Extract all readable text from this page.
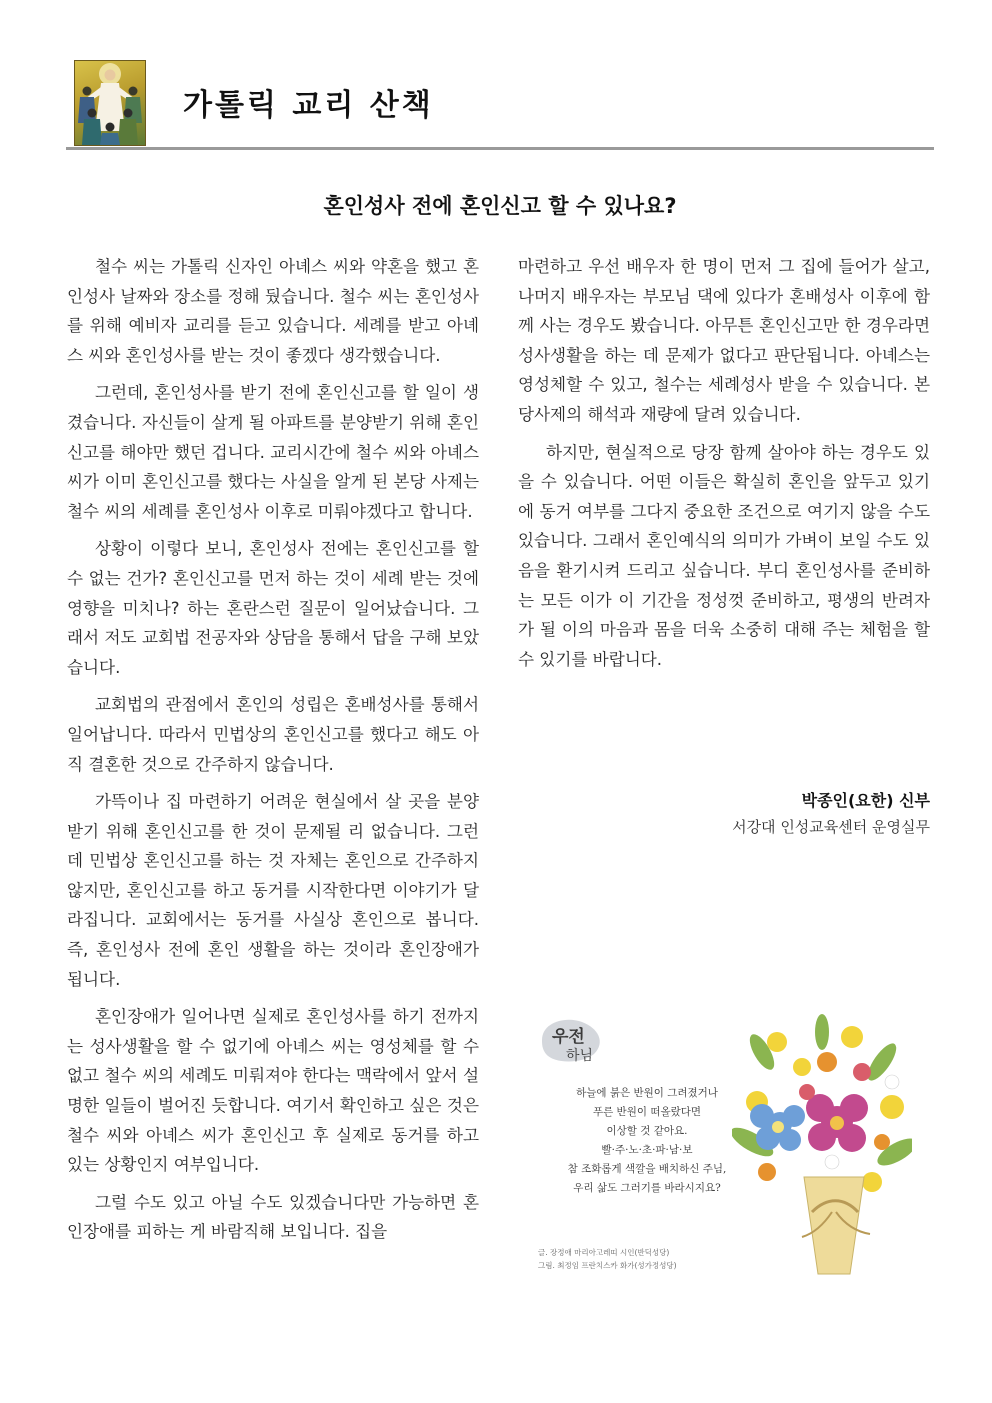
가톨릭 교리 산책
혼인성사 전에 혼인신고 할 수 있나요?

철수 씨는 가톨릭 신자인 아녜스 씨와 약혼을 했고 혼인성사 날짜와 장소를 정해 뒀습니다. 철수 씨는 혼인성사를 위해 예비자 교리를 듣고 있습니다. 세례를 받고 아녜스 씨와 혼인성사를 받는 것이 좋겠다 생각했습니다.

그런데, 혼인성사를 받기 전에 혼인신고를 할 일이 생겼습니다. 자신들이 살게 될 아파트를 분양받기 위해 혼인신고를 해야만 했던 겁니다. 교리시간에 철수 씨와 아녜스 씨가 이미 혼인신고를 했다는 사실을 알게 된 본당 사제는 철수 씨의 세례를 혼인성사 이후로 미뤄야겠다고 합니다.

상황이 이렇다 보니, 혼인성사 전에는 혼인신고를 할 수 없는 건가? 혼인신고를 먼저 하는 것이 세례 받는 것에 영향을 미치나? 하는 혼란스런 질문이 일어났습니다. 그래서 저도 교회법 전공자와 상담을 통해서 답을 구해 보았습니다.

교회법의 관점에서 혼인의 성립은 혼배성사를 통해서 일어납니다. 따라서 민법상의 혼인신고를 했다고 해도 아직 결혼한 것으로 간주하지 않습니다.

가뜩이나 집 마련하기 어려운 현실에서 살 곳을 분양 받기 위해 혼인신고를 한 것이 문제될 리 없습니다. 그런데 민법상 혼인신고를 하는 것 자체는 혼인으로 간주하지 않지만, 혼인신고를 하고 동거를 시작한다면 이야기가 달라집니다. 교회에서는 동거를 사실상 혼인으로 봅니다. 즉, 혼인성사 전에 혼인 생활을 하는 것이라 혼인장애가 됩니다.

혼인장애가 일어나면 실제로 혼인성사를 하기 전까지는 성사생활을 할 수 없기에 아녜스 씨는 영성체를 할 수 없고 철수 씨의 세례도 미뤄져야 한다는 맥락에서 앞서 설명한 일들이 벌어진 듯합니다. 여기서 확인하고 싶은 것은 철수 씨와 아녜스 씨가 혼인신고 후 실제로 동거를 하고 있는 상황인지 여부입니다.

그럴 수도 있고 아닐 수도 있겠습니다만 가능하면 혼인장애를 피하는 게 바람직해 보입니다. 집을

마련하고 우선 배우자 한 명이 먼저 그 집에 들어가 살고, 나머지 배우자는 부모님 댁에 있다가 혼배성사 이후에 함께 사는 경우도 봤습니다. 아무튼 혼인신고만 한 경우라면 성사생활을 하는 데 문제가 없다고 판단됩니다. 아녜스는 영성체할 수 있고, 철수는 세례성사 받을 수 있습니다. 본당사제의 해석과 재량에 달려 있습니다.

하지만, 현실적으로 당장 함께 살아야 하는 경우도 있을 수 있습니다. 어떤 이들은 확실히 혼인을 앞두고 있기에 동거 여부를 그다지 중요한 조건으로 여기지 않을 수도 있습니다. 그래서 혼인예식의 의미가 가벼이 보일 수도 있음을 환기시켜 드리고 싶습니다. 부디 혼인성사를 준비하는 모든 이가 이 기간을 정성껏 준비하고, 평생의 반려자가 될 이의 마음과 몸을 더욱 소중히 대해 주는 체험을 할 수 있기를 바랍니다.

박종인(요한) 신부
서강대 인성교육센터 운영실무
우전
하님
하늘에 붉은 반원이 그려졌거나
푸른 반원이 떠올랐다면
이상할 것 같아요.
빨·주·노·초·파·남·보
참 조화롭게 색깔을 배치하신 주님,
우리 삶도 그러기를 바라시지요?
글. 장정애 마리아고레띠 시인(반딕성당)
그림. 최정임 프란치스카 화가(성가정성당)
